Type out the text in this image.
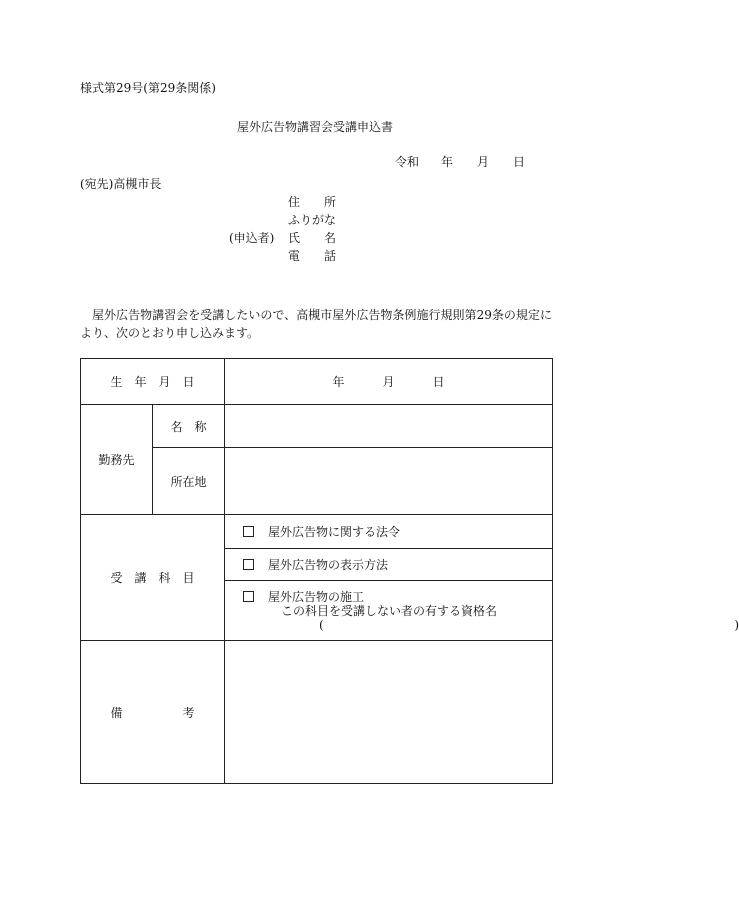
様式第29号(第29条関係)
屋外広告物講習会受講申込書
令和 年 月 日
(宛先)高槻市長
住　　所
ふりがな
(申込者) 氏　　名
電　　話
屋外広告物講習会を受講したいので、高槻市屋外広告物条例施行規則第29条の規定により、次のとおり申し込みます。
生　年　月　日		年 月 日
勤務先	名　称	
	所在地	
受　講　科　目		屋外広告物に関する法令
		屋外広告物の表示方法

		屋外広告物の施工
この科目を受講しない者の有する資格名
( )

備　　　　　考		
